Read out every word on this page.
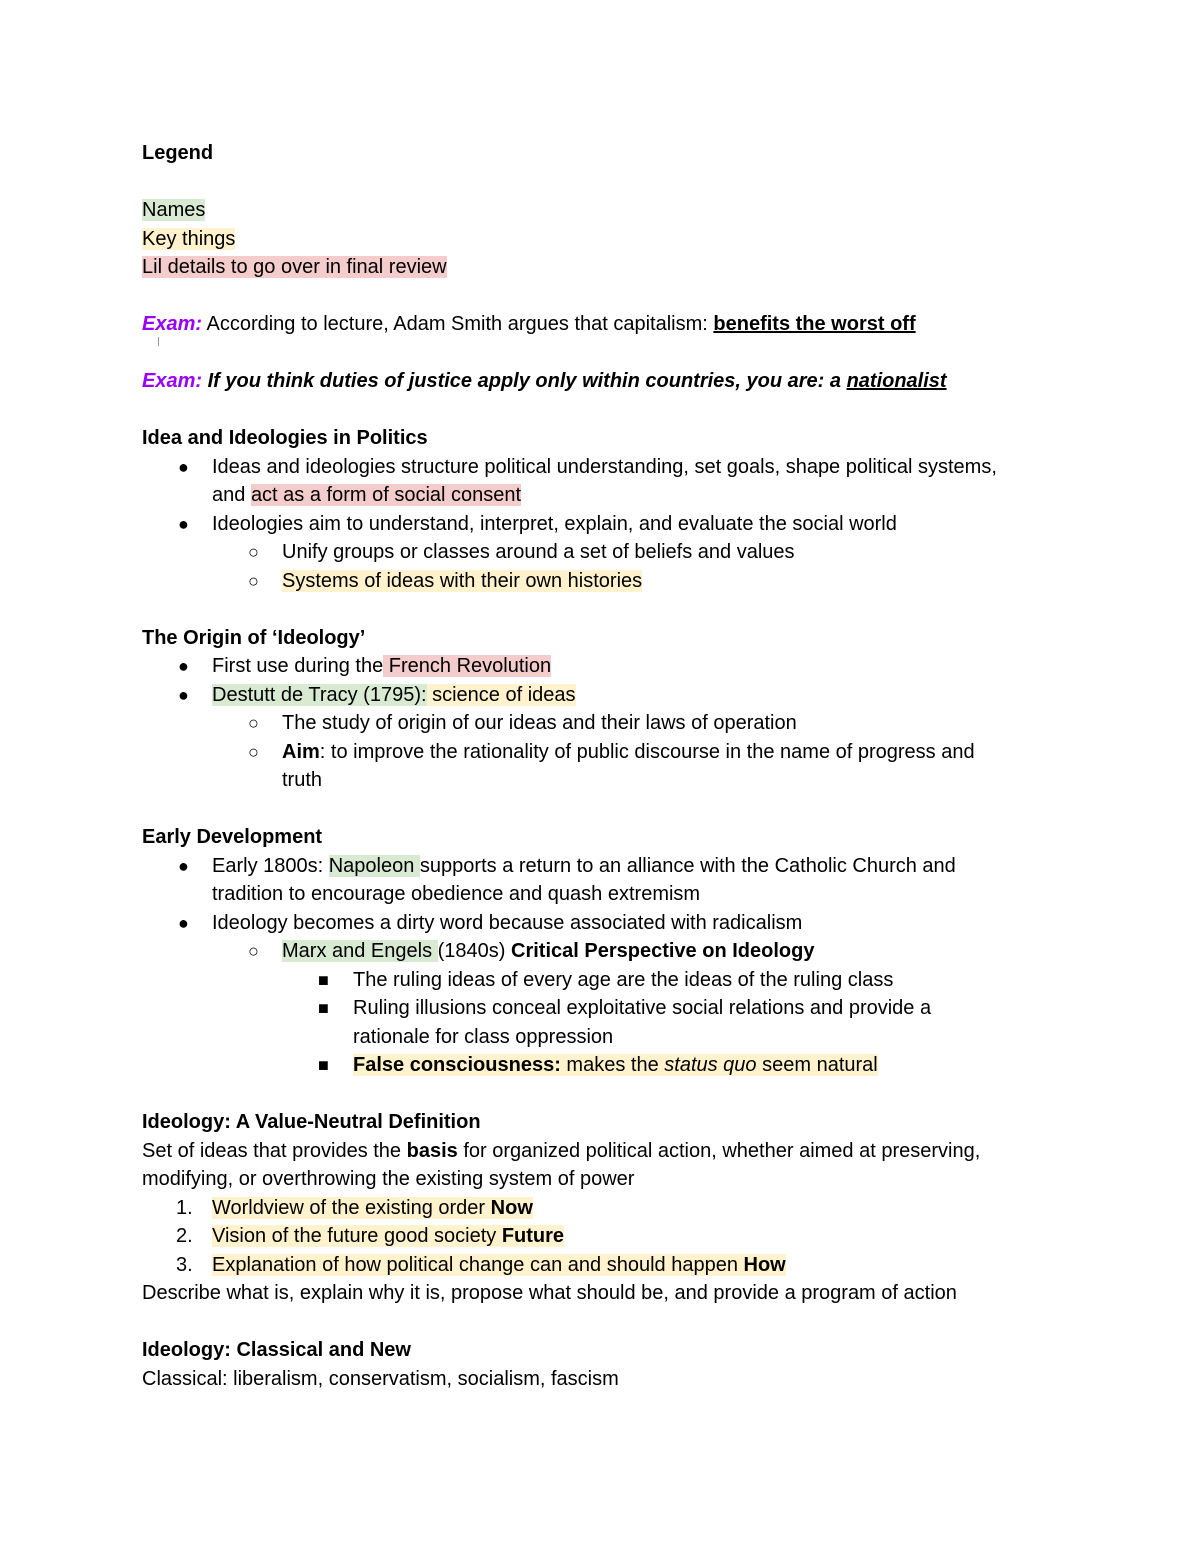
Legend
Names
Key things
Lil details to go over in final review
Exam: According to lecture, Adam Smith argues that capitalism: benefits the worst off
Exam: If you think duties of justice apply only within countries, you are: a nationalist
Idea and Ideologies in Politics
● Ideas and ideologies structure political understanding, set goals, shape political systems,
and act as a form of social consent
● Ideologies aim to understand, interpret, explain, and evaluate the social world
○ Unify groups or classes around a set of beliefs and values
○ Systems of ideas with their own histories
The Origin of ‘Ideology’
● First use during the French Revolution
● Destutt de Tracy (1795): science of ideas
○ The study of origin of our ideas and their laws of operation
○ Aim: to improve the rationality of public discourse in the name of progress and
truth
Early Development
● Early 1800s: Napoleon supports a return to an alliance with the Catholic Church and
tradition to encourage obedience and quash extremism
● Ideology becomes a dirty word because associated with radicalism
○ Marx and Engels (1840s) Critical Perspective on Ideology
■ The ruling ideas of every age are the ideas of the ruling class
■ Ruling illusions conceal exploitative social relations and provide a
rationale for class oppression
■ False consciousness: makes the status quo seem natural
Ideology: A Value-Neutral Definition
Set of ideas that provides the basis for organized political action, whether aimed at preserving,
modifying, or overthrowing the existing system of power
1. Worldview of the existing order Now
2. Vision of the future good society Future
3. Explanation of how political change can and should happen How
Describe what is, explain why it is, propose what should be, and provide a program of action
Ideology: Classical and New
Classical: liberalism, conservatism, socialism, fascism
